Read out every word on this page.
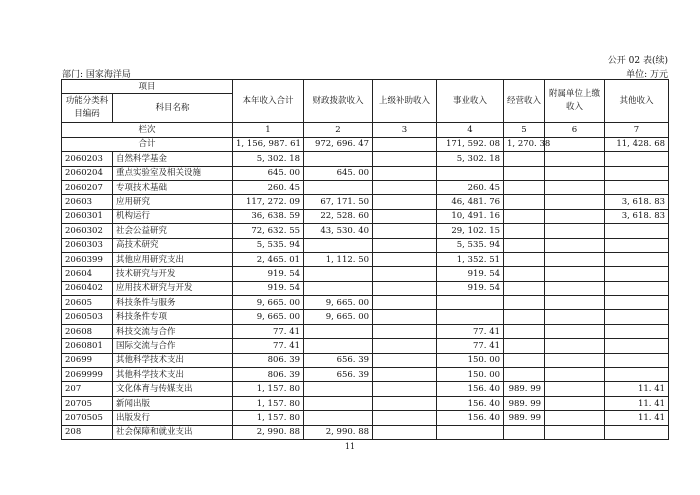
公开 02 表(续)
部门: 国家海洋局	单位: 万元
项目		本年收入合计	财政拨款收入	上级补助收入	事业收入	经营收入	附属单位上缴收入	其他收入
功能分类科目编码	科目名称							
栏次		1	2	3	4	5	6	7
合计		1, 156, 987. 61	972, 696. 47		171, 592. 08	1, 270. 38		11, 428. 68
2060203	自然科学基金	5, 302. 18			5, 302. 18			
2060204	重点实验室及相关设施	645. 00	645. 00					
2060207	专项技术基础	260. 45			260. 45			
20603	应用研究	117, 272. 09	67, 171. 50		46, 481. 76			3, 618. 83
2060301	机构运行	36, 638. 59	22, 528. 60		10, 491. 16			3, 618. 83
2060302	社会公益研究	72, 632. 55	43, 530. 40		29, 102. 15			
2060303	高技术研究	5, 535. 94			5, 535. 94			
2060399	其他应用研究支出	2, 465. 01	1, 112. 50		1, 352. 51			
20604	技术研究与开发	919. 54			919. 54			
2060402	应用技术研究与开发	919. 54			919. 54			
20605	科技条件与服务	9, 665. 00	9, 665. 00					
2060503	科技条件专项	9, 665. 00	9, 665. 00					
20608	科技交流与合作	77. 41			77. 41			
2060801	国际交流与合作	77. 41			77. 41			
20699	其他科学技术支出	806. 39	656. 39		150. 00			
2069999	其他科学技术支出	806. 39	656. 39		150. 00			
207	文化体育与传媒支出	1, 157. 80			156. 40	989. 99		11. 41
20705	新闻出版	1, 157. 80			156. 40	989. 99		11. 41
2070505	出版发行	1, 157. 80			156. 40	989. 99		11. 41
208	社会保障和就业支出	2, 990. 88	2, 990. 88					
11
